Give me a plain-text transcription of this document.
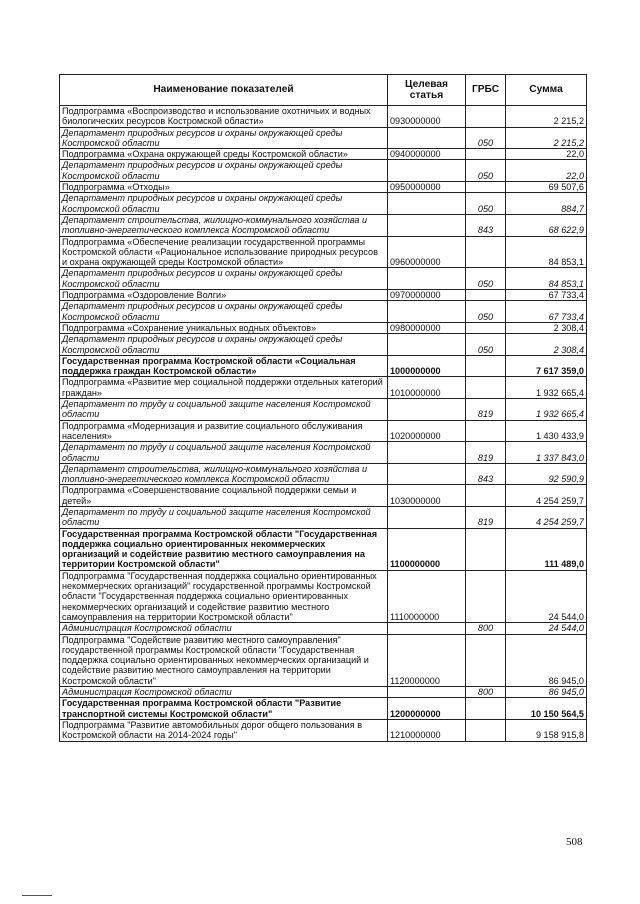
Наименование показателей	Целевая статья	ГРБС	Сумма
Подпрограмма «Воспроизводство и использование охотничьих и водных биологических ресурсов Костромской области»	0930000000		2 215,2
Департамент природных ресурсов и охраны окружающей среды Костромской области		050	2 215,2
Подпрограмма «Охрана окружающей среды Костромской области»	0940000000		22,0
Департамент природных ресурсов и охраны окружающей среды Костромской области		050	22,0
Подпрограмма «Отходы»	0950000000		69 507,6
Департамент природных ресурсов и охраны окружающей среды Костромской области		050	884,7
Департамент строительства, жилищно-коммунального хозяйства и топливно-энергетического комплекса Костромской области		843	68 622,9
Подпрограмма «Обеспечение реализации государственной программы Костромской области «Рациональное использование природных ресурсов и охрана окружающей среды Костромской области»	0960000000		84 853,1
Департамент природных ресурсов и охраны окружающей среды Костромской области		050	84 853,1
Подпрограмма «Оздоровление Волги»	0970000000		67 733,4
Департамент природных ресурсов и охраны окружающей среды Костромской области		050	67 733,4
Подпрограмма «Сохранение уникальных водных объектов»	0980000000		2 308,4
Департамент природных ресурсов и охраны окружающей среды Костромской области		050	2 308,4
Государственная программа Костромской области «Социальная поддержка граждан Костромской области»	1000000000		7 617 359,0
Подпрограмма «Развитие мер социальной поддержки отдельных категорий граждан»	1010000000		1 932 665,4
Департамент по труду и социальной защите населения Костромской области		819	1 932 665,4
Подпрограмма «Модернизация и развитие социального обслуживания населения»	1020000000		1 430 433,9
Департамент по труду и социальной защите населения Костромской области		819	1 337 843,0
Департамент строительства, жилищно-коммунального хозяйства и топливно-энергетического комплекса Костромской области		843	92 590,9
Подпрограмма «Совершенствование социальной поддержки семьи и детей»	1030000000		4 254 259,7
Департамент по труду и социальной защите населения Костромской области		819	4 254 259,7
Государственная программа Костромской области "Государственная поддержка социально ориентированных некоммерческих организаций и содействие развитию местного самоуправления на территории Костромской области"	1100000000		111 489,0
Подпрограмма "Государственная поддержка социально ориентированных некоммерческих организаций" государственной программы Костромской области "Государственная поддержка социально ориентированных некоммерческих организаций и содействие развитию местного самоуправления на территории Костромской области"	1110000000		24 544,0
Администрация Костромской области		800	24 544,0
Подпрограмма "Содействие развитию местного самоуправления" государственной программы Костромской области "Государственная поддержка социально ориентированных некоммерческих организаций и содействие развитию местного самоуправления на территории Костромской области"	1120000000		86 945,0
Администрация Костромской области		800	86 945,0
Государственная программа Костромской области "Развитие транспортной системы Костромской области"	1200000000		10 150 564,5
Подпрограмма "Развитие автомобильных дорог общего пользования в Костромской области на 2014-2024 годы"	1210000000		9 158 915,8
508
